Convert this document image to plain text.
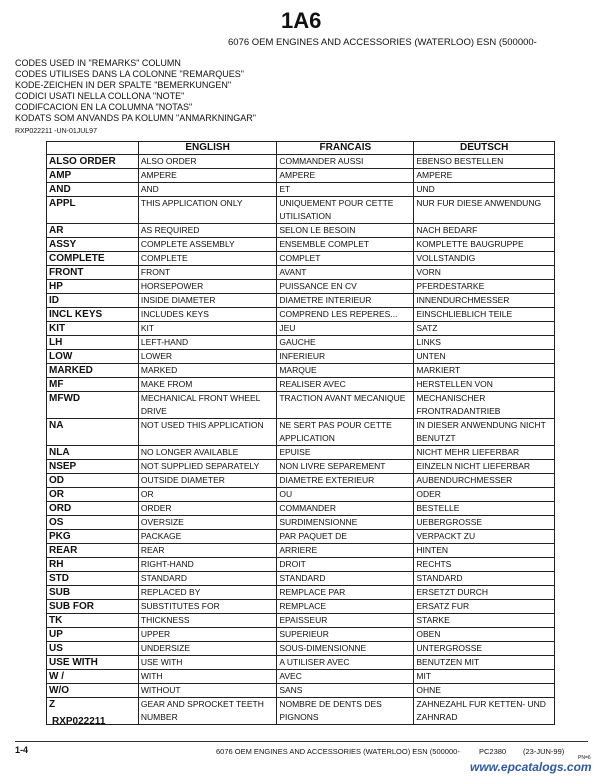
1A6
6076 OEM ENGINES AND ACCESSORIES (WATERLOO) ESN (500000-
CODES USED IN "REMARKS" COLUMN
CODES UTILISES DANS LA COLONNE "REMARQUES"
KODE-ZEICHEN IN DER SPALTE "BEMERKUNGEN"
CODICI USATI NELLA COLLONA "NOTE"
CODIFCACION EN LA COLUMNA "NOTAS"
KODATS SOM ANVANDS PA KOLUMN "ANMARKNINGAR"
RXP022211 -UN-01JUL97
	ENGLISH	FRANCAIS	DEUTSCH
ALSO ORDER	ALSO ORDER	COMMANDER AUSSI	EBENSO BESTELLEN
AMP	AMPERE	AMPERE	AMPERE
AND	AND	ET	UND
APPL	THIS APPLICATION ONLY	UNIQUEMENT POUR CETTE UTILISATION	NUR FUR DIESE ANWENDUNG
AR	AS REQUIRED	SELON LE BESOIN	NACH BEDARF
ASSY	COMPLETE ASSEMBLY	ENSEMBLE COMPLET	KOMPLETTE BAUGRUPPE
COMPLETE	COMPLETE	COMPLET	VOLLSTANDIG
FRONT	FRONT	AVANT	VORN
HP	HORSEPOWER	PUISSANCE EN CV	PFERDESTARKE
ID	INSIDE DIAMETER	DIAMETRE INTERIEUR	INNENDURCHMESSER
INCL KEYS	INCLUDES KEYS	COMPREND LES REPERES...	EINSCHLIEBLICH TEILE
KIT	KIT	JEU	SATZ
LH	LEFT-HAND	GAUCHE	LINKS
LOW	LOWER	INFERIEUR	UNTEN
MARKED	MARKED	MARQUE	MARKIERT
MF	MAKE FROM	REALISER AVEC	HERSTELLEN VON
MFWD	MECHANICAL FRONT WHEEL DRIVE	TRACTION AVANT MECANIQUE	MECHANISCHER FRONTRADANTRIEB
NA	NOT USED THIS APPLICATION	NE SERT PAS POUR CETTE APPLICATION	IN DIESER ANWENDUNG NICHT BENUTZT
NLA	NO LONGER AVAILABLE	EPUISE	NICHT MEHR LIEFERBAR
NSEP	NOT SUPPLIED SEPARATELY	NON LIVRE SEPAREMENT	EINZELN NICHT LIEFERBAR
OD	OUTSIDE DIAMETER	DIAMETRE EXTERIEUR	AUBENDURCHMESSER
OR	OR	OU	ODER
ORD	ORDER	COMMANDER	BESTELLE
OS	OVERSIZE	SURDIMENSIONNE	UEBERGROSSE
PKG	PACKAGE	PAR PAQUET DE	VERPACKT ZU
REAR	REAR	ARRIERE	HINTEN
RH	RIGHT-HAND	DROIT	RECHTS
STD	STANDARD	STANDARD	STANDARD
SUB	REPLACED BY	REMPLACE PAR	ERSETZT DURCH
SUB FOR	SUBSTITUTES FOR	REMPLACE	ERSATZ FUR
TK	THICKNESS	EPAISSEUR	STARKE
UP	UPPER	SUPERIEUR	OBEN
US	UNDERSIZE	SOUS-DIMENSIONNE	UNTERGROSSE
USE WITH	USE WITH	A UTILISER AVEC	BENUTZEN MIT
W /	WITH	AVEC	MIT
W/O	WITHOUT	SANS	OHNE
Z	GEAR AND SPROCKET TEETH NUMBER	NOMBRE DE DENTS DES PIGNONS	ZAHNEZAHL FUR KETTEN- UND ZAHNRAD
RXP022211
1-4	6076 OEM ENGINES AND ACCESSORIES (WATERLOO) ESN (500000-	PC2380 (23-JUN-99)
PN=6
www.epcatalogs.com
